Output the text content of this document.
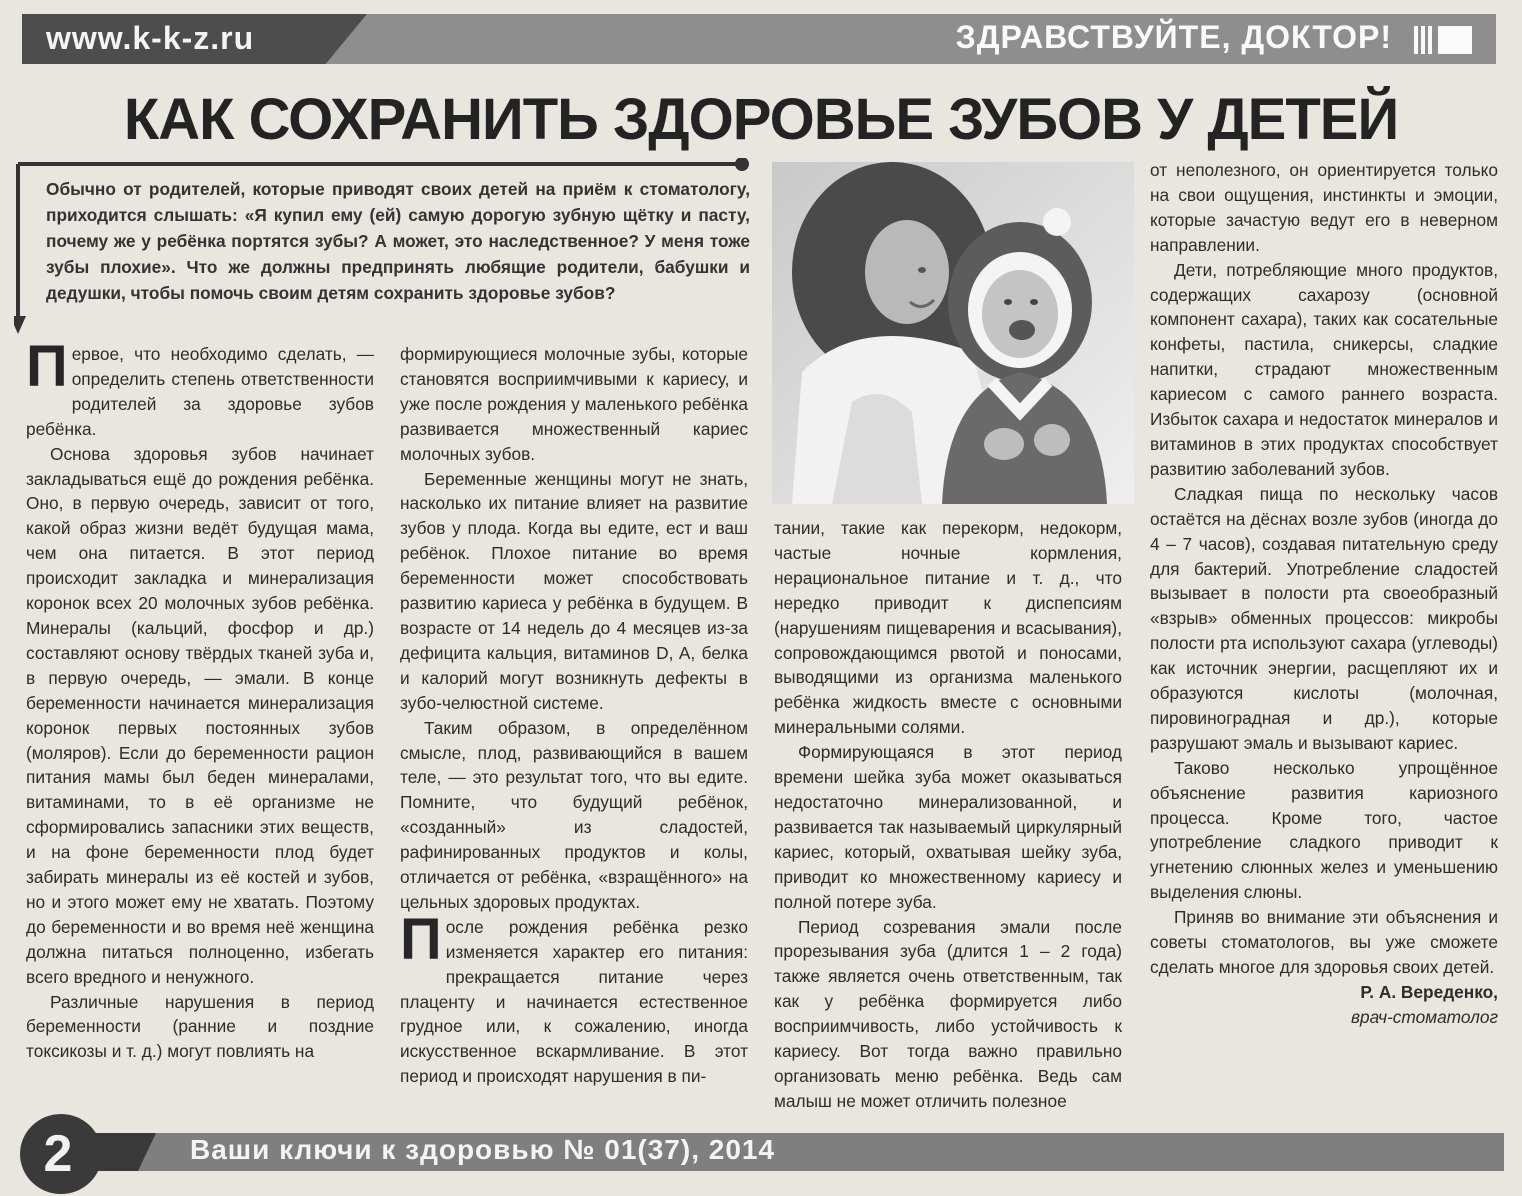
www.k-k-z.ru	ЗДРАВСТВУЙТЕ, ДОКТОР!
КАК СОХРАНИТЬ ЗДОРОВЬЕ ЗУБОВ У ДЕТЕЙ
Обычно от родителей, которые приводят своих детей на приём к стоматологу, приходится слышать: «Я купил ему (ей) самую дорогую зубную щётку и пасту, почему же у ребёнка портятся зубы? А может, это наследственное? У меня тоже зубы плохие». Что же должны предпринять любящие родители, бабушки и дедушки, чтобы помочь своим детям сохранить здоровье зубов?

Первое, что необходимо сделать, — определить степень ответственности родителей за здоровье зубов ребёнка.

Основа здоровья зубов начинает закладываться ещё до рождения ребёнка. Оно, в первую очередь, зависит от того, какой образ жизни ведёт будущая мама, чем она питается. В этот период происходит закладка и минерализация коронок всех 20 молочных зубов ребёнка. Минералы (кальций, фосфор и др.) составляют основу твёрдых тканей зуба и, в первую очередь, — эмали. В конце беременности начинается минерализация коронок первых постоянных зубов (моляров). Если до беременности рацион питания мамы был беден минералами, витаминами, то в её организме не сформировались запасники этих веществ, и на фоне беременности плод будет забирать минералы из её костей и зубов, но и этого может ему не хватать. Поэтому до беременности и во время неё женщина должна питаться полноценно, избегать всего вредного и ненужного.

Различные нарушения в период беременности (ранние и поздние токсикозы и т. д.) могут повлиять на

формирующиеся молочные зубы, которые становятся восприимчивыми к кариесу, и уже после рождения у маленького ребёнка развивается множественный кариес молочных зубов.

Беременные женщины могут не знать, насколько их питание влияет на развитие зубов у плода. Когда вы едите, ест и ваш ребёнок. Плохое питание во время беременности может способствовать развитию кариеса у ребёнка в будущем. В возрасте от 14 недель до 4 месяцев из-за дефицита кальция, витаминов D, A, белка и калорий могут возникнуть дефекты в зубо-челюстной системе.

Таким образом, в определённом смысле, плод, развивающийся в вашем теле, — это результат того, что вы едите. Помните, что будущий ребёнок, «созданный» из сладостей, рафинированных продуктов и колы, отличается от ребёнка, «взращённого» на цельных здоровых продуктах.

После рождения ребёнка резко изменяется характер его питания: прекращается питание через плаценту и начинается естественное грудное или, к сожалению, иногда искусственное вскармливание. В этот период и происходят нарушения в пи-

тании, такие как перекорм, недокорм, частые ночные кормления, нерациональное питание и т. д., что нередко приводит к диспепсиям (нарушениям пищеварения и всасывания), сопровождающимся рвотой и поносами, выводящими из организма маленького ребёнка жидкость вместе с основными минеральными солями.

Формирующаяся в этот период времени шейка зуба может оказываться недостаточно минерализованной, и развивается так называемый циркулярный кариес, который, охватывая шейку зуба, приводит ко множественному кариесу и полной потере зуба.

Период созревания эмали после прорезывания зуба (длится 1 – 2 года) также является очень ответственным, так как у ребёнка формируется либо восприимчивость, либо устойчивость к кариесу. Вот тогда важно правильно организовать меню ребёнка. Ведь сам малыш не может отличить полезное

от неполезного, он ориентируется только на свои ощущения, инстинкты и эмоции, которые зачастую ведут его в неверном направлении.

Дети, потребляющие много продуктов, содержащих сахарозу (основной компонент сахара), таких как сосательные конфеты, пастила, сникерсы, сладкие напитки, страдают множественным кариесом с самого раннего возраста. Избыток сахара и недостаток минералов и витаминов в этих продуктах способствует развитию заболеваний зубов.

Сладкая пища по нескольку часов остаётся на дёснах возле зубов (иногда до 4 – 7 часов), создавая питательную среду для бактерий. Употребление сладостей вызывает в полости рта своеобразный «взрыв» обменных процессов: микробы полости рта используют сахара (углеводы) как источник энергии, расщепляют их и образуются кислоты (молочная, пировиноградная и др.), которые разрушают эмаль и вызывают кариес.

Таково несколько упрощённое объяснение развития кариозного процесса. Кроме того, частое употребление сладкого приводит к угнетению слюнных желез и уменьшению выделения слюны.

Приняв во внимание эти объяснения и советы стоматологов, вы уже сможете сделать многое для здоровья своих детей.

Р. А. Вереденко,

врач-стоматолог

2	Ваши ключи к здоровью № 01(37), 2014
